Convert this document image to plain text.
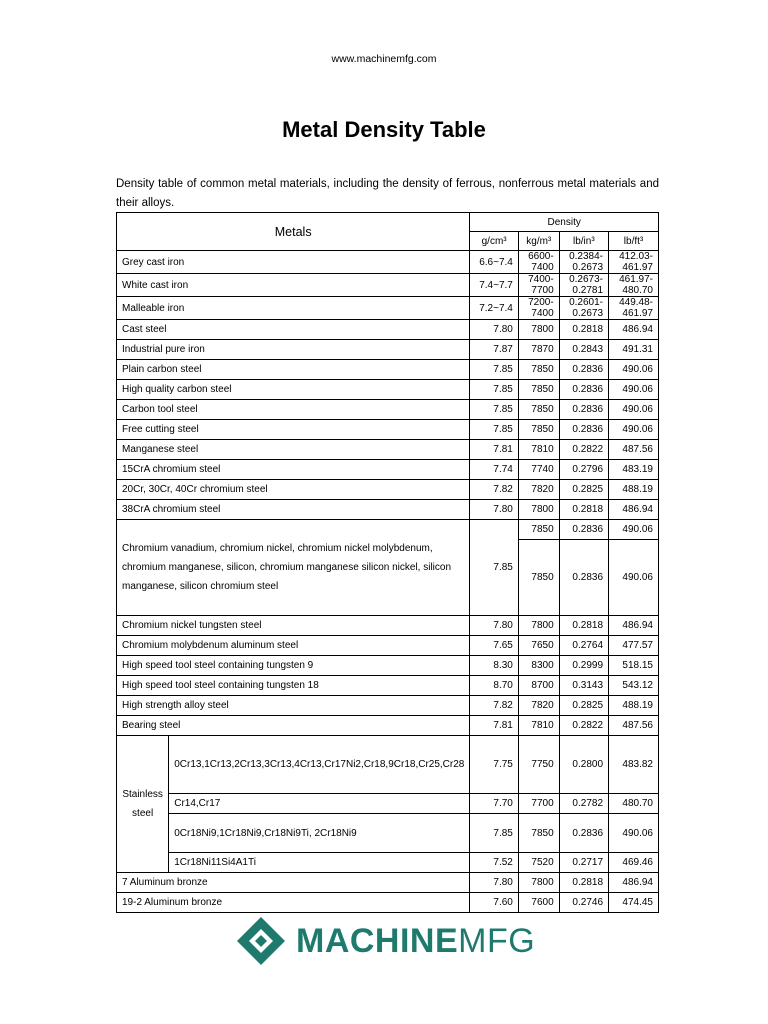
www.machinemfg.com
Metal Density Table
Density table of common metal materials, including the density of ferrous, nonferrous metal materials and their alloys.
Metals		Density			
		g/cm³	kg/m³	lb/in³	lb/ft³
Grey cast iron		6.6~7.4	6600-7400	0.2384-0.2673	412.03-461.97
White cast iron		7.4~7.7	7400-7700	0.2673-0.2781	461.97-480.70
Malleable iron		7.2~7.4	7200-7400	0.2601-0.2673	449.48-461.97
Cast steel		7.80	7800	0.2818	486.94
Industrial pure iron		7.87	7870	0.2843	491.31
Plain carbon steel		7.85	7850	0.2836	490.06
High quality carbon steel		7.85	7850	0.2836	490.06
Carbon tool steel		7.85	7850	0.2836	490.06
Free cutting steel		7.85	7850	0.2836	490.06
Manganese steel		7.81	7810	0.2822	487.56
15CrA chromium steel		7.74	7740	0.2796	483.19
20Cr, 30Cr, 40Cr chromium steel		7.82	7820	0.2825	488.19
38CrA chromium steel		7.80	7800	0.2818	486.94
Chromium vanadium, chromium nickel, chromium nickel molybdenum, chromium manganese, silicon, chromium manganese silicon nickel, silicon manganese, silicon chromium steel		7.85	7850	0.2836	490.06
			7850	0.2836	490.06
Chromium nickel tungsten steel		7.80	7800	0.2818	486.94
Chromium molybdenum aluminum steel		7.65	7650	0.2764	477.57
High speed tool steel containing tungsten 9		8.30	8300	0.2999	518.15
High speed tool steel containing tungsten 18		8.70	8700	0.3143	543.12
High strength alloy steel		7.82	7820	0.2825	488.19
Bearing steel		7.81	7810	0.2822	487.56
Stainless steel	0Cr13,1Cr13,2Cr13,3Cr13,4Cr13,Cr17Ni2,Cr18,9Cr18,Cr25,Cr28	7.75	7750	0.2800	483.82
	Cr14,Cr17	7.70	7700	0.2782	480.70
	0Cr18Ni9,1Cr18Ni9,Cr18Ni9Ti, 2Cr18Ni9	7.85	7850	0.2836	490.06
	1Cr18Ni11Si4A1Ti	7.52	7520	0.2717	469.46
7 Aluminum bronze		7.80	7800	0.2818	486.94
19-2 Aluminum bronze		7.60	7600	0.2746	474.45
MACHINEMFG
